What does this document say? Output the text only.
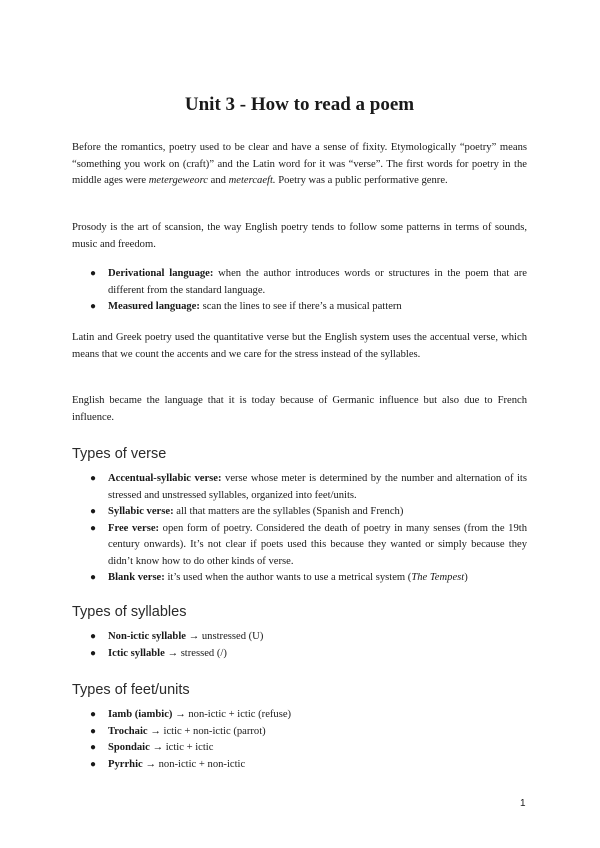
Unit 3 - How to read a poem

Before the romantics, poetry used to be clear and have a sense of fixity. Etymologically “poetry” means “something you work on (craft)” and the Latin word for it was “verse”. The first words for poetry in the middle ages were metergeweorc and metercaeft. Poetry was a public performative genre.

Prosody is the art of scansion, the way English poetry tends to follow some patterns in terms of sounds, music and freedom.

● Derivational language: when the author introduces words or structures in the poem that are different from the standard language.
● Measured language: scan the lines to see if there’s a musical pattern

Latin and Greek poetry used the quantitative verse but the English system uses the accentual verse, which means that we count the accents and we care for the stress instead of the syllables.

English became the language that it is today because of Germanic influence but also due to French influence.

Types of verse
● Accentual-syllabic verse: verse whose meter is determined by the number and alternation of its stressed and unstressed syllables, organized into feet/units.
● Syllabic verse: all that matters are the syllables (Spanish and French)
● Free verse: open form of poetry. Considered the death of poetry in many senses (from the 19th century onwards). It’s not clear if poets used this because they wanted or simply because they didn’t know how to do other kinds of verse.
● Blank verse: it’s used when the author wants to use a metrical system (The Tempest)
Types of syllables
● Non-ictic syllable → unstressed (U)
● Ictic syllable → stressed (/)
Types of feet/units
● Iamb (iambic) → non-ictic + ictic (refuse)
● Trochaic → ictic + non-ictic (parrot)
● Spondaic → ictic + ictic
● Pyrrhic → non-ictic + non-ictic
1
